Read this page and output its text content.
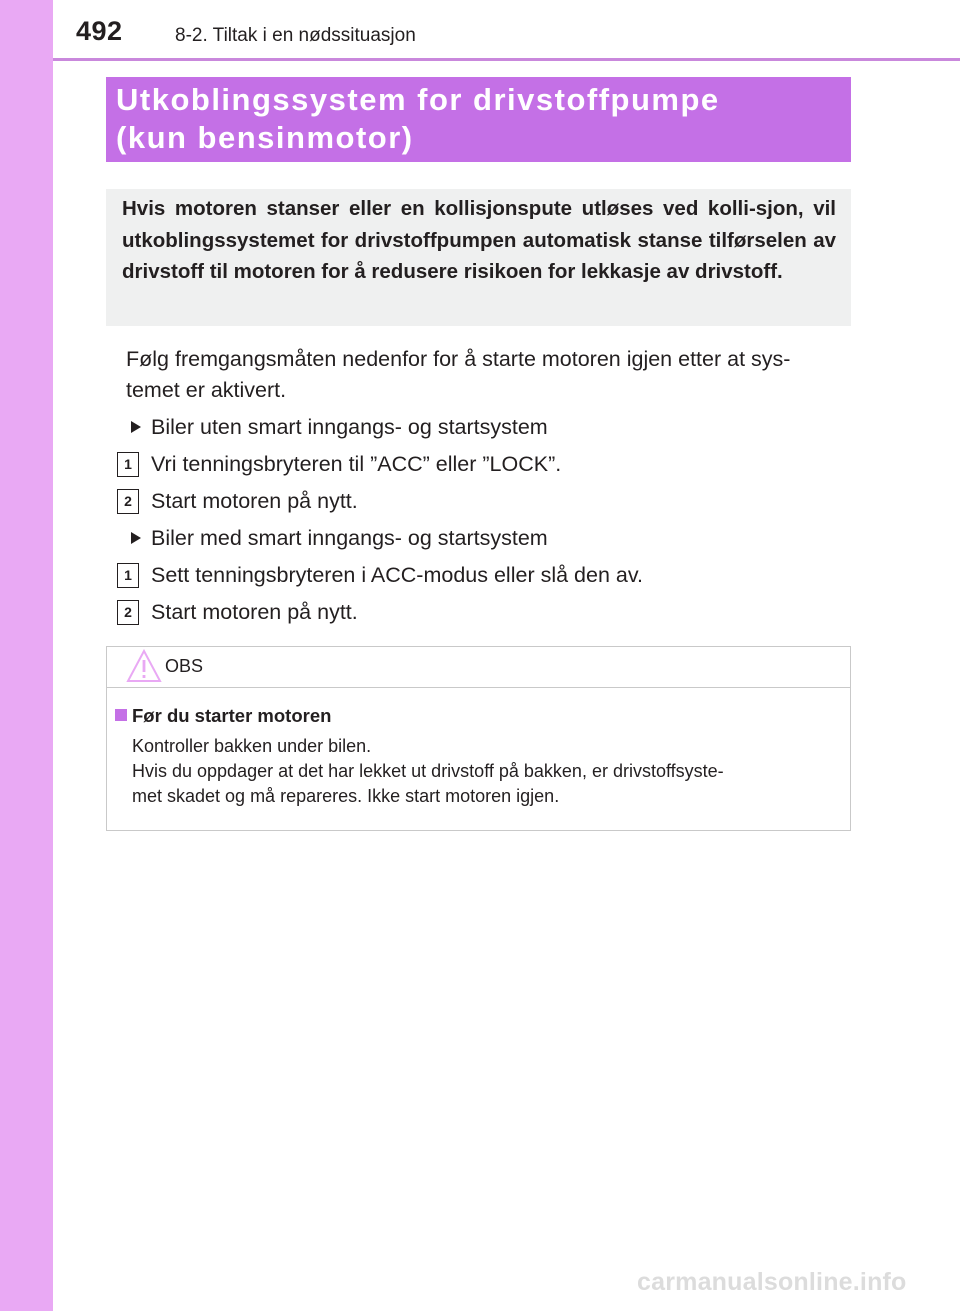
492	8-2. Tiltak i en nødssituasjon
Utkoblingssystem for drivstoffpumpe
(kun bensinmotor)
Hvis motoren stanser eller en kollisjonspute utløses ved kolli-sjon, vil utkoblingssystemet for drivstoffpumpen automatisk stanse tilførselen av drivstoff til motoren for å redusere risikoen for lekkasje av drivstoff.
Følg fremgangsmåten nedenfor for å starte motoren igjen etter at sys-
temet er aktivert.
Biler uten smart inngangs- og startsystem
1 Vri tenningsbryteren til ”ACC” eller ”LOCK”.
2 Start motoren på nytt.
Biler med smart inngangs- og startsystem
1 Sett tenningsbryteren i ACC-modus eller slå den av.
2 Start motoren på nytt.
OBS
Før du starter motoren
Kontroller bakken under bilen.
Hvis du oppdager at det har lekket ut drivstoff på bakken, er drivstoffsyste-
met skadet og må repareres. Ikke start motoren igjen.
carmanualsonline.info
